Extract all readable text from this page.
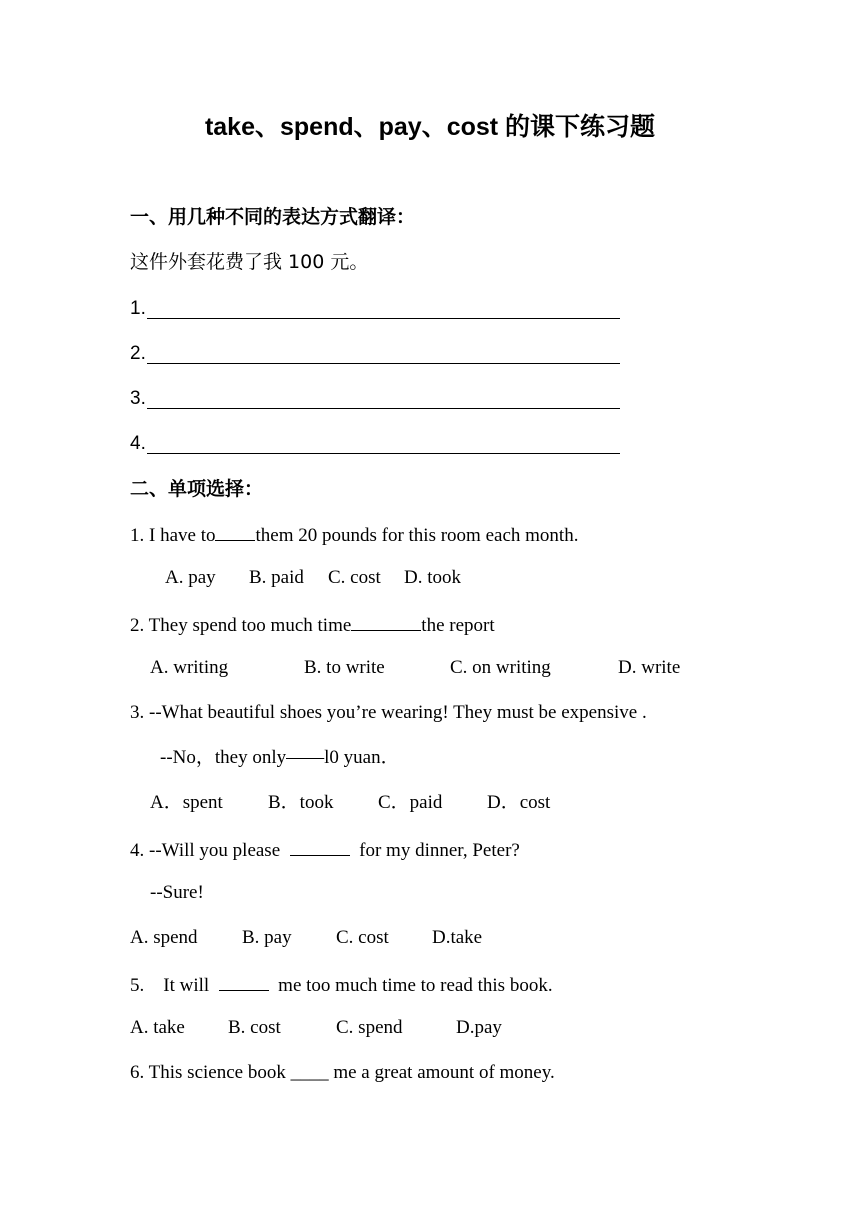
take、spend、pay、cost 的课下练习题
一、用几种不同的表达方式翻译：
这件外套花费了我 100 元。
1.
2.
3.
4.
二、单项选择：
1. I have to them 20 pounds for this room each month.
A. pay B. paid C. cost D. took
2. They spend too much time	the report
A. writing	B. to write	C. on writing	D. write
3. --What beautiful shoes you’re wearing! They must be expensive .
--No，they only——l0 yuan．
A．spent B．took C．paid D．cost
4. --Will you please	for my dinner, Peter?
--Sure!
A. spend B. pay C. cost D.take
5.    It will	me too much time to read this book.
A. take B. cost	C. spend	D.pay
6. This science book ____ me a great amount of money.
